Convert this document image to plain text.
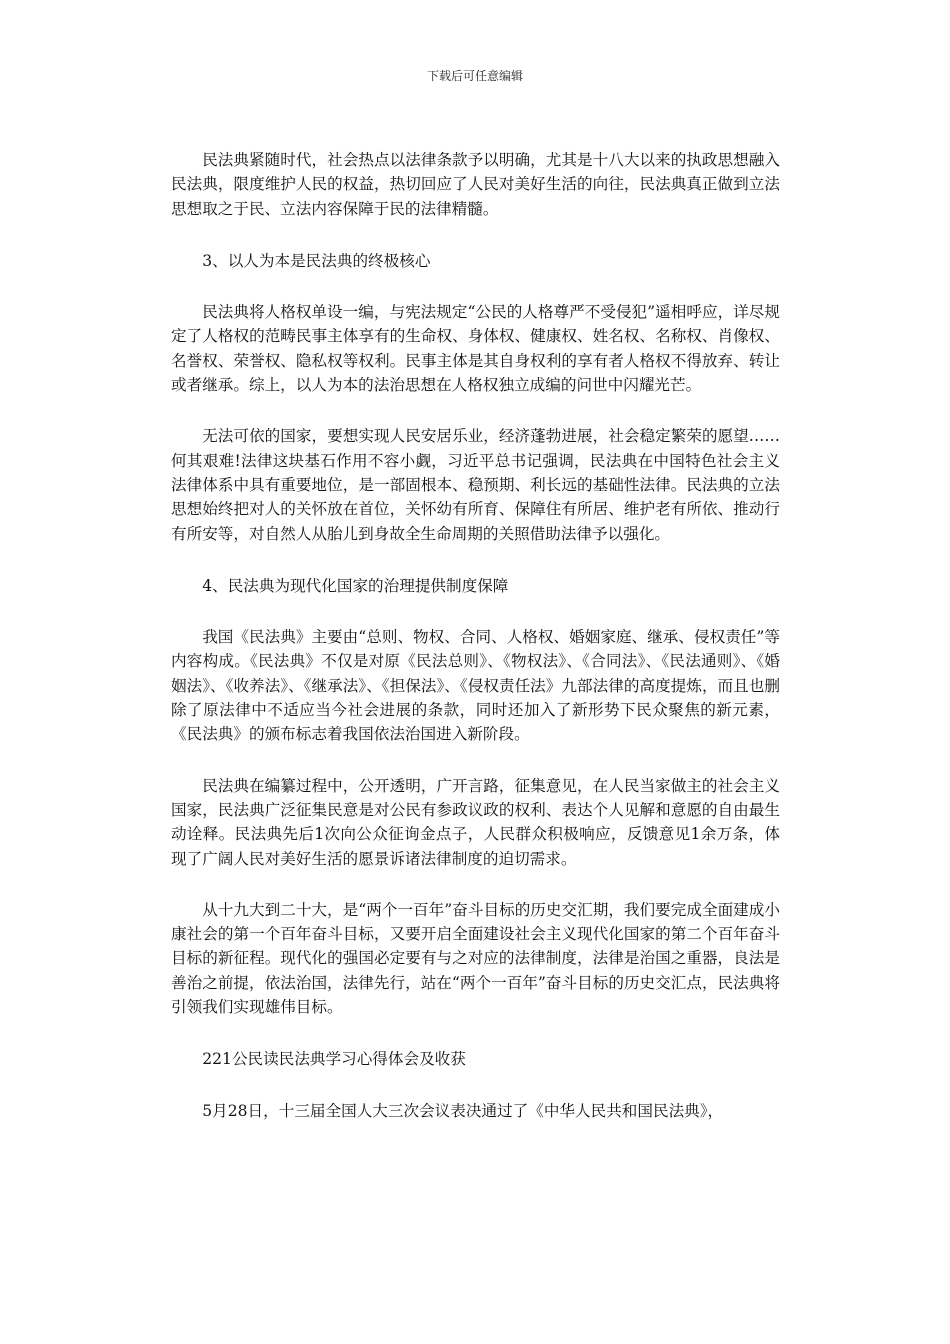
下载后可任意编辑

民法典紧随时代，社会热点以法律条款予以明确，尤其是十八大以来的执政思想融入民法典，限度维护人民的权益，热切回应了人民对美好生活的向往，民法典真正做到立法思想取之于民、立法内容保障于民的法律精髓。

3、以人为本是民法典的终极核心

民法典将人格权单设一编，与宪法规定“公民的人格尊严不受侵犯”遥相呼应，详尽规定了人格权的范畴民事主体享有的生命权、身体权、健康权、姓名权、名称权、肖像权、名誉权、荣誉权、隐私权等权利。民事主体是其自身权利的享有者人格权不得放弃、转让或者继承。综上，以人为本的法治思想在人格权独立成编的问世中闪耀光芒。

无法可依的国家，要想实现人民安居乐业，经济蓬勃进展，社会稳定繁荣的愿望……何其艰难!法律这块基石作用不容小觑，习近平总书记强调，民法典在中国特色社会主义法律体系中具有重要地位，是一部固根本、稳预期、利长远的基础性法律。民法典的立法思想始终把对人的关怀放在首位，关怀幼有所育、保障住有所居、维护老有所依、推动行有所安等，对自然人从胎儿到身故全生命周期的关照借助法律予以强化。

4、民法典为现代化国家的治理提供制度保障

我国《民法典》主要由“总则、物权、合同、人格权、婚姻家庭、继承、侵权责任”等内容构成。《民法典》不仅是对原《民法总则》、《物权法》、《合同法》、《民法通则》、《婚姻法》、《收养法》、《继承法》、《担保法》、《侵权责任法》九部法律的高度提炼，而且也删除了原法律中不适应当今社会进展的条款，同时还加入了新形势下民众聚焦的新元素，《民法典》的颁布标志着我国依法治国进入新阶段。

民法典在编纂过程中，公开透明，广开言路，征集意见，在人民当家做主的社会主义国家，民法典广泛征集民意是对公民有参政议政的权利、表达个人见解和意愿的自由最生动诠释。民法典先后1次向公众征询金点子，人民群众积极响应，反馈意见1余万条，体现了广阔人民对美好生活的愿景诉诸法律制度的迫切需求。

从十九大到二十大，是“两个一百年”奋斗目标的历史交汇期，我们要完成全面建成小康社会的第一个百年奋斗目标，又要开启全面建设社会主义现代化国家的第二个百年奋斗目标的新征程。现代化的强国必定要有与之对应的法律制度，法律是治国之重器，良法是善治之前提，依法治国，法律先行，站在“两个一百年”奋斗目标的历史交汇点，民法典将引领我们实现雄伟目标。

221公民读民法典学习心得体会及收获

5月28日，十三届全国人大三次会议表决通过了《中华人民共和国民法典》，
